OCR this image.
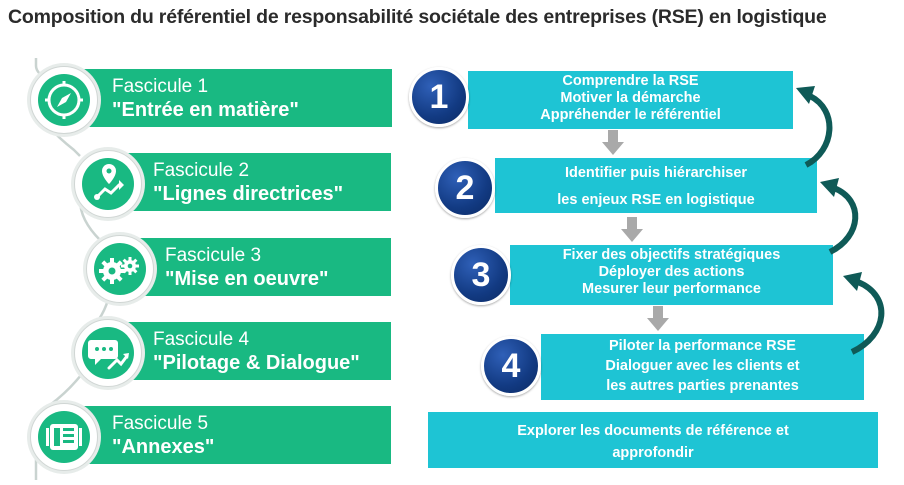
Composition du référentiel de responsabilité sociétale des entreprises (RSE) en logistique
Fascicule 1
"Entrée en matière"
Fascicule 2
"Lignes directrices"
Fascicule 3
"Mise en oeuvre"
Fascicule 4
"Pilotage & Dialogue"
Fascicule 5
"Annexes"
Comprendre la RSE
Motiver la démarche
Appréhender le référentiel
1
Identifier puis hiérarchiser
les enjeux RSE en logistique
2
Fixer des objectifs stratégiques
Déployer des actions
Mesurer leur performance
3
Piloter la performance RSE
Dialoguer avec les clients et
les autres parties prenantes
4
Explorer les documents de référence et
approfondir
